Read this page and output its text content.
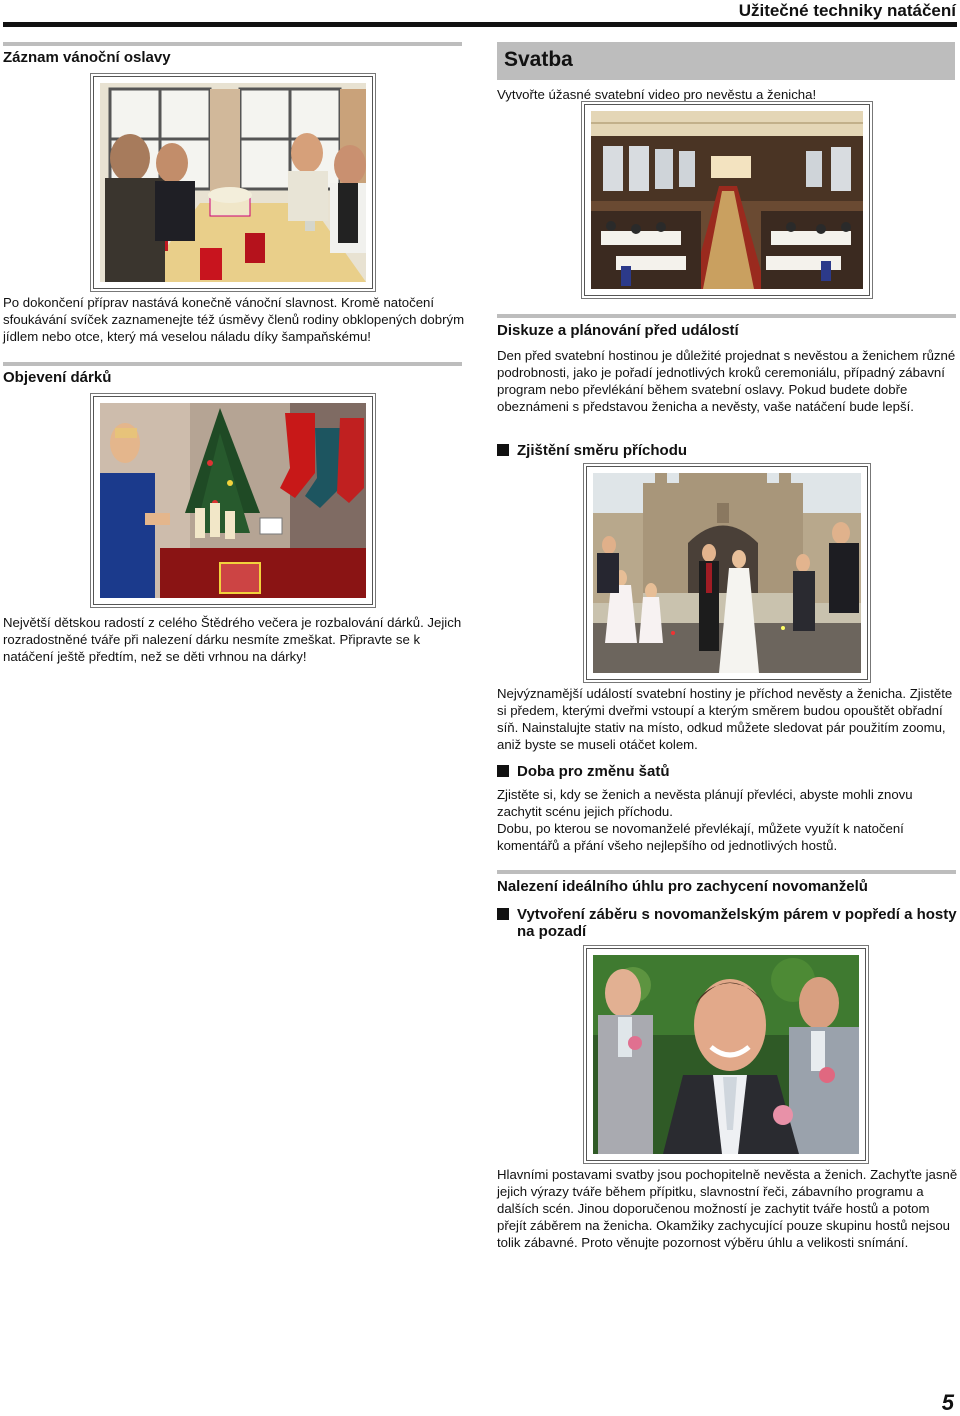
Užitečné techniky natáčení
Záznam vánoční oslavy
Po dokončení příprav nastává konečně vánoční slavnost. Kromě natočení sfoukávání svíček zaznamenejte též úsměvy členů rodiny obklopených dobrým jídlem nebo otce, který má veselou náladu díky šampaňskému!
Objevení dárků
Největší dětskou radostí z celého Štědrého večera je rozbalování dárků. Jejich rozradostněné tváře při nalezení dárku nesmíte zmeškat. Připravte se k natáčení ještě předtím, než se děti vrhnou na dárky!
Svatba
Vytvořte úžasné svatební video pro nevěstu a ženicha!
Diskuze a plánování před událostí
Den před svatební hostinou je důležité projednat s nevěstou a ženichem různé podrobnosti, jako je pořadí jednotlivých kroků ceremoniálu, případný zábavní program nebo převlékání během svatební oslavy. Pokud budete dobře obeznámeni s představou ženicha a nevěsty, vaše natáčení bude lepší.
Zjištění směru příchodu
Nejvýznamější událostí svatební hostiny je příchod nevěsty a ženicha. Zjistěte si předem, kterými dveřmi vstoupí a kterým směrem budou opouštět obřadní síň. Nainstalujte stativ na místo, odkud můžete sledovat pár použitím zoomu, aniž byste se museli otáčet kolem.
Doba pro změnu šatů
Zjistěte si, kdy se ženich a nevěsta plánují převléci, abyste mohli znovu zachytit scénu jejich příchodu.
Dobu, po kterou se novomanželé převlékají, můžete využít k natočení komentářů a přání všeho nejlepšího od jednotlivých hostů.
Nalezení ideálního úhlu pro zachycení novomanželů
Vytvoření záběru s novomanželským párem v popředí a hosty na pozadí
Hlavními postavami svatby jsou pochopitelně nevěsta a ženich. Zachyťte jasně jejich výrazy tváře během přípitku, slavnostní řeči, zábavního programu a dalších scén. Jinou doporučenou možností je zachytit tváře hostů a potom přejít záběrem na ženicha. Okamžiky zachycující pouze skupinu hostů nejsou tolik zábavné. Proto věnujte pozornost výběru úhlu a velikosti snímání.
5
